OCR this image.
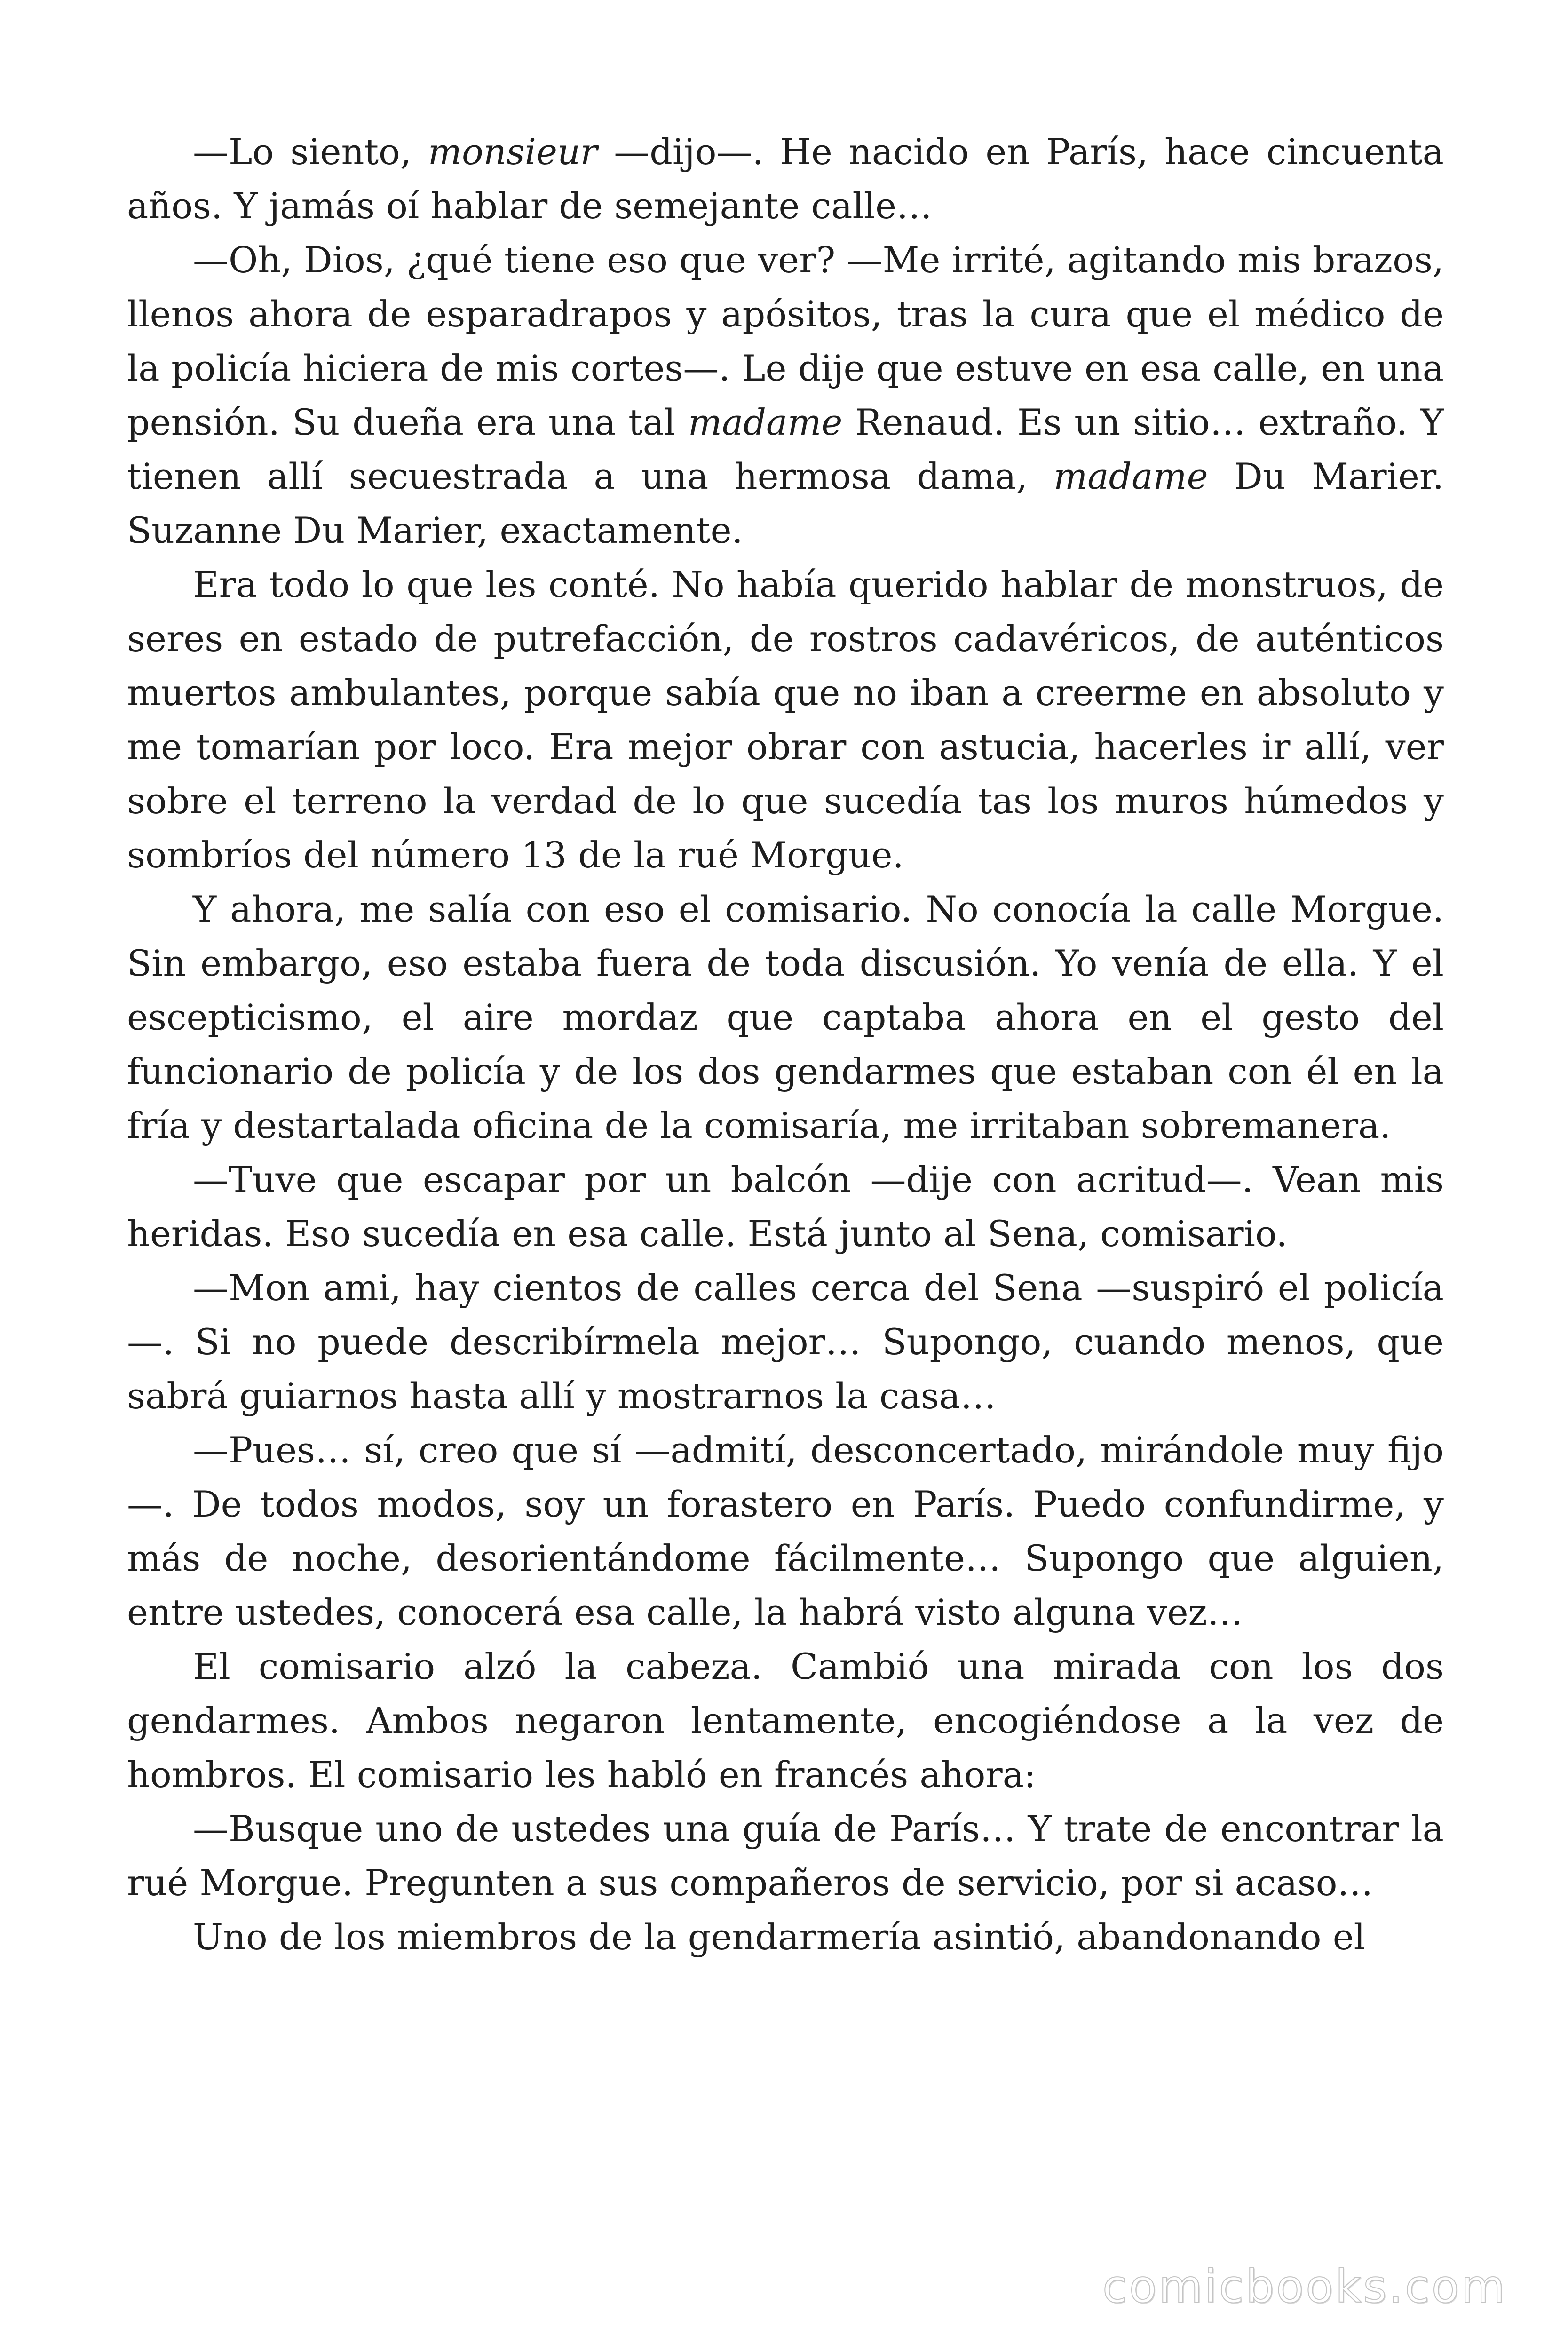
—Lo siento, monsieur —dijo—. He nacido en París, hace cincuenta años. Y jamás oí hablar de semejante calle…

—Oh, Dios, ¿qué tiene eso que ver? —Me irrité, agitando mis brazos, llenos ahora de esparadrapos y apósitos, tras la cura que el médico de la policía hiciera de mis cortes—. Le dije que estuve en esa calle, en una pensión. Su dueña era una tal madame Renaud. Es un sitio… extraño. Y tienen allí secuestrada a una hermosa dama, madame Du Marier. Suzanne Du Marier, exactamente.

Era todo lo que les conté. No había querido hablar de monstruos, de seres en estado de putrefacción, de rostros cadavéricos, de auténticos muertos ambulantes, porque sabía que no iban a creerme en absoluto y me tomarían por loco. Era mejor obrar con astucia, hacerles ir allí, ver sobre el terreno la verdad de lo que sucedía tas los muros húmedos y sombríos del número 13 de la rué Morgue.

Y ahora, me salía con eso el comisario. No conocía la calle Morgue. Sin embargo, eso estaba fuera de toda discusión. Yo venía de ella. Y el escepticismo, el aire mordaz que captaba ahora en el gesto del funcionario de policía y de los dos gendarmes que estaban con él en la fría y destartalada oficina de la comisaría, me irritaban sobremanera.

—Tuve que escapar por un balcón —dije con acritud—. Vean mis heridas. Eso sucedía en esa calle. Está junto al Sena, comisario.

—Mon ami, hay cientos de calles cerca del Sena —suspiró el policía—. Si no puede describírmela mejor… Supongo, cuando menos, que sabrá guiarnos hasta allí y mostrarnos la casa…

—Pues… sí, creo que sí —admití, desconcertado, mirándole muy fijo—. De todos modos, soy un forastero en París. Puedo confundirme, y más de noche, desorientándome fácilmente… Supongo que alguien, entre ustedes, conocerá esa calle, la habrá visto alguna vez…

El comisario alzó la cabeza. Cambió una mirada con los dos gendarmes. Ambos negaron lentamente, encogiéndose a la vez de hombros. El comisario les habló en francés ahora:

—Busque uno de ustedes una guía de París… Y trate de encontrar la rué Morgue. Pregunten a sus compañeros de servicio, por si acaso…

Uno de los miembros de la gendarmería asintió, abandonando el

comicbooks.com
